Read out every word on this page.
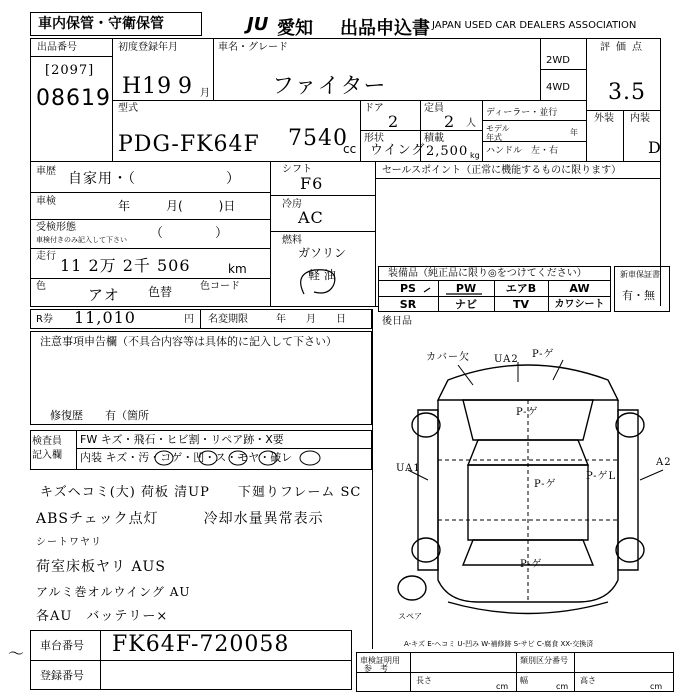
車内保管・守衛保管	JU 愛知 出品申込書 JAPAN USED CAR DEALERS ASSOCIATION
出品番号
[2097]
08619
初度登録年月
H19 9 月
車名・グレード
ファイター
2WD
4WD
評価点
3.5
外装 内装
D
型式
PDG-FK64F 7540
cc
ドア
2
定員
2 人
形状
ウイング
積載
2,500 kg
ディーラー・並行
モデル年式
年
ハンドル　左・右
車歴 自家用・（　　　　　　）
車検	年　　　月(　　　)日
受検形態
車検付きのみ記入して下さい （　　　　）
走行 11 2万 2千 506	km
色	アオ 色替	色コード
R券 11,010	円 名変期限	年　　月　　日
シフト
F6
冷房
AC
燃料
ガソリン
軽 油
セールスポイント（正常に機能するものに限ります）
装備品（純正品に限り◎をつけてください）
PS	PW	エアB	AW
SR	ナビ	TV	カワシート
新車保証書
有・無
後日品
注意事項申告欄（不具合内容等は具体的に記入して下さい）
修復歴　　有（箇所
検査員
記入欄
FW キズ・飛石・ヒビ割・リペア跡・X要
内装 キズ・汚・コゲ・凹・ス・モヤ・破レ
キズヘコミ(大) 荷板 清UP　　下廻りフレーム SC
ABSチェック点灯　　　冷却水量異常表示
シートワヤリ
荷室床板ヤリ AUS
アルミ巻オルウイング AU
各AU　バッテリー×
車台番号 FK64F-720058
登録番号
〜	A-キズ E-ヘコミ U-凹み W-補修跡 S-サビ C-腐食 XX-交換済
車検証明用
参　考
長さ
cm
幅
cm
類別区分番号
高さ
cm
カバー欠 UA2 P-ゲ
P-ゲ
P-ゲ
P-ゲ
P-ゲL
UA1
A2
スペア
